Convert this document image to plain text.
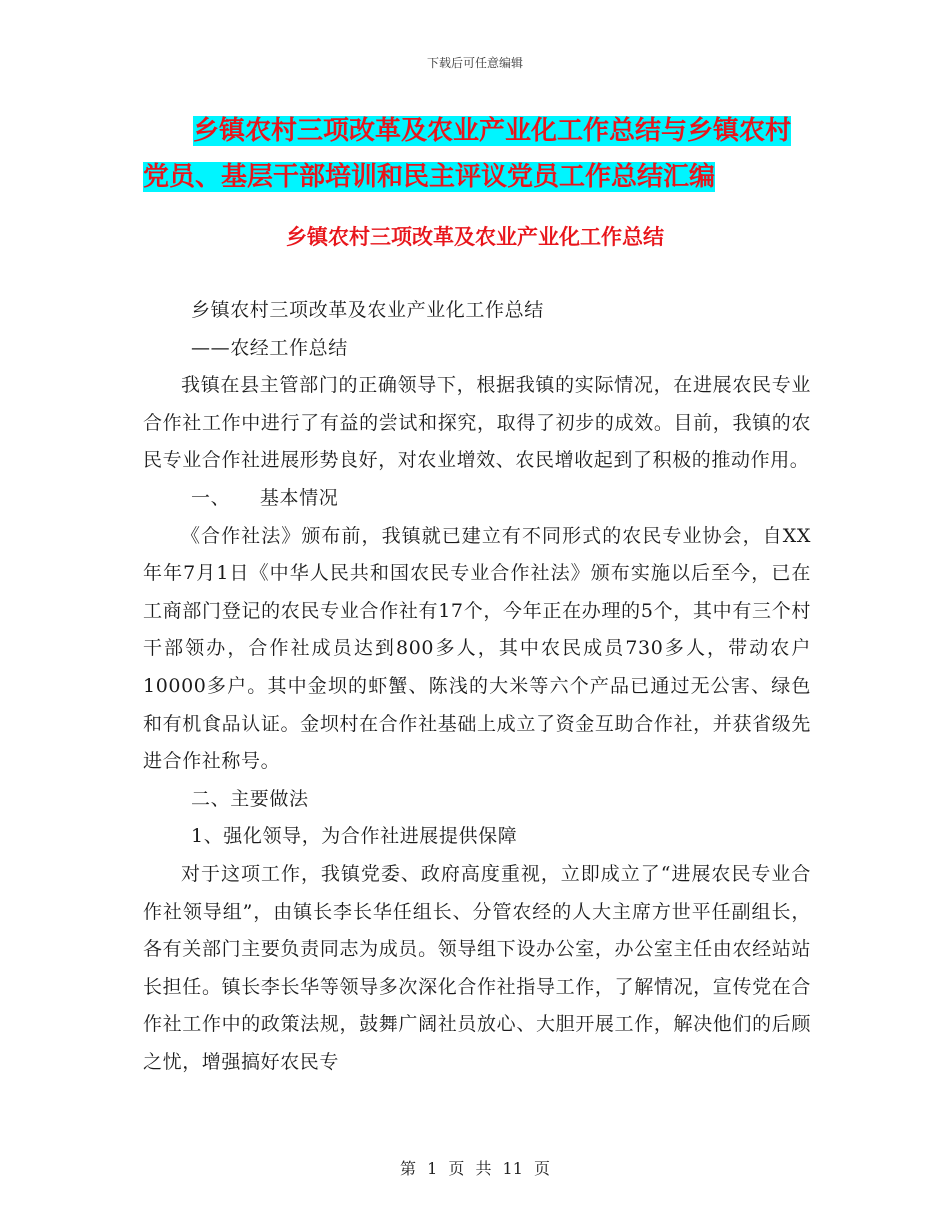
下载后可任意编辑
乡镇农村三项改革及农业产业化工作总结与乡镇农村
党员、基层干部培训和民主评议党员工作总结汇编
乡镇农村三项改革及农业产业化工作总结

乡镇农村三项改革及农业产业化工作总结

——农经工作总结

我镇在县主管部门的正确领导下，根据我镇的实际情况，在进展农民专业合作社工作中进行了有益的尝试和探究，取得了初步的成效。目前，我镇的农民专业合作社进展形势良好，对农业增效、农民增收起到了积极的推动作用。

一、　　基本情况

《合作社法》颁布前，我镇就已建立有不同形式的农民专业协会，自XX年年7月1日《中华人民共和国农民专业合作社法》颁布实施以后至今，已在工商部门登记的农民专业合作社有17个，今年正在办理的5个，其中有三个村干部领办，合作社成员达到800多人，其中农民成员730多人，带动农户10000多户。其中金坝的虾蟹、陈浅的大米等六个产品已通过无公害、绿色和有机食品认证。金坝村在合作社基础上成立了资金互助合作社，并获省级先进合作社称号。

二、主要做法

1、强化领导，为合作社进展提供保障

对于这项工作，我镇党委、政府高度重视，立即成立了“进展农民专业合作社领导组”，由镇长李长华任组长、分管农经的人大主席方世平任副组长，各有关部门主要负责同志为成员。领导组下设办公室，办公室主任由农经站站长担任。镇长李长华等领导多次深化合作社指导工作，了解情况，宣传党在合作社工作中的政策法规，鼓舞广阔社员放心、大胆开展工作，解决他们的后顾之忧，增强搞好农民专

第 1 页 共 11 页
